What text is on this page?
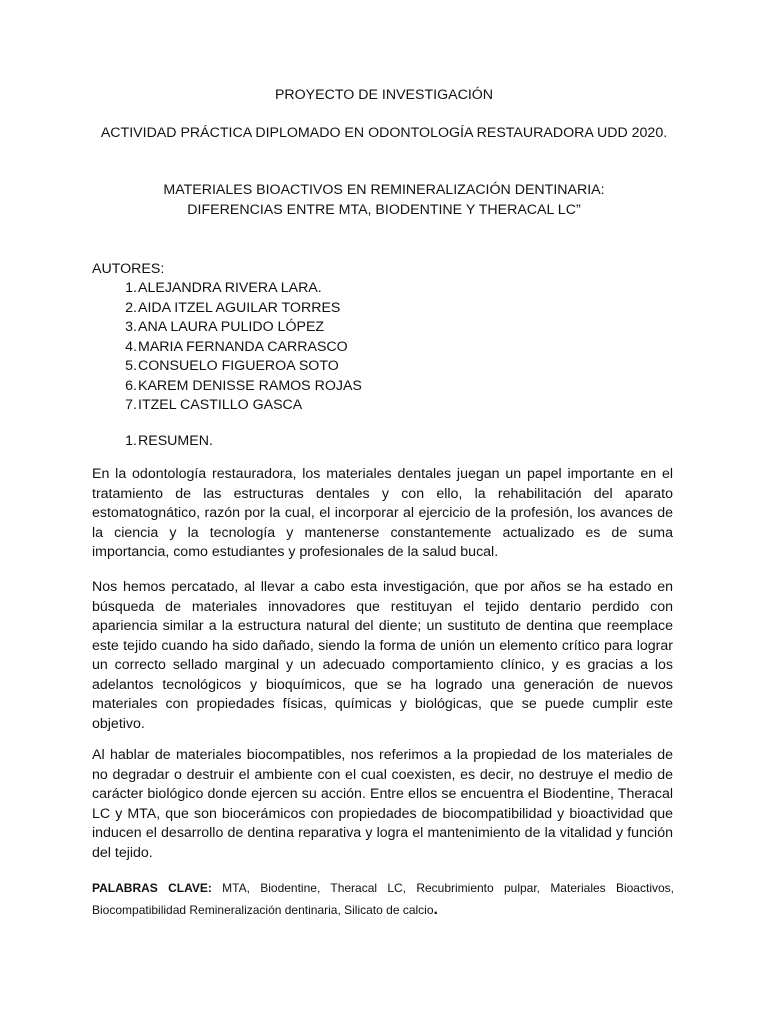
PROYECTO DE INVESTIGACIÓN
ACTIVIDAD PRÁCTICA DIPLOMADO EN ODONTOLOGÍA RESTAURADORA UDD 2020.
MATERIALES BIOACTIVOS EN REMINERALIZACIÓN DENTINARIA:
DIFERENCIAS ENTRE MTA, BIODENTINE Y THERACAL LC”
AUTORES:
1. ALEJANDRA RIVERA LARA.
2. AIDA ITZEL AGUILAR TORRES
3. ANA LAURA PULIDO LÓPEZ
4. MARIA FERNANDA CARRASCO
5. CONSUELO FIGUEROA SOTO
6. KAREM DENISSE RAMOS ROJAS
7. ITZEL CASTILLO GASCA
1. RESUMEN.

En la odontología restauradora, los materiales dentales juegan un papel importante en el tratamiento de las estructuras dentales y con ello, la rehabilitación del aparato estomatognático, razón por la cual, el incorporar al ejercicio de la profesión, los avances de la ciencia y la tecnología y mantenerse constantemente actualizado es de suma importancia, como estudiantes y profesionales de la salud bucal.

Nos hemos percatado, al llevar a cabo esta investigación, que por años se ha estado en búsqueda de materiales innovadores que restituyan el tejido dentario perdido con apariencia similar a la estructura natural del diente; un sustituto de dentina que reemplace este tejido cuando ha sido dañado, siendo la forma de unión un elemento crítico para lograr un correcto sellado marginal y un adecuado comportamiento clínico, y es gracias a los adelantos tecnológicos y bioquímicos, que se ha logrado una generación de nuevos materiales con propiedades físicas, químicas y biológicas, que se puede cumplir este objetivo.

Al hablar de materiales biocompatibles, nos referimos a la propiedad de los materiales de no degradar o destruir el ambiente con el cual coexisten, es decir, no destruye el medio de carácter biológico donde ejercen su acción. Entre ellos se encuentra el Biodentine, Theracal LC y MTA, que son biocerámicos con propiedades de biocompatibilidad y bioactividad que inducen el desarrollo de dentina reparativa y logra el mantenimiento de la vitalidad y función del tejido.

PALABRAS CLAVE: MTA, Biodentine, Theracal LC, Recubrimiento pulpar, Materiales Bioactivos, Biocompatibilidad Remineralización dentinaria, Silicato de calcio.
